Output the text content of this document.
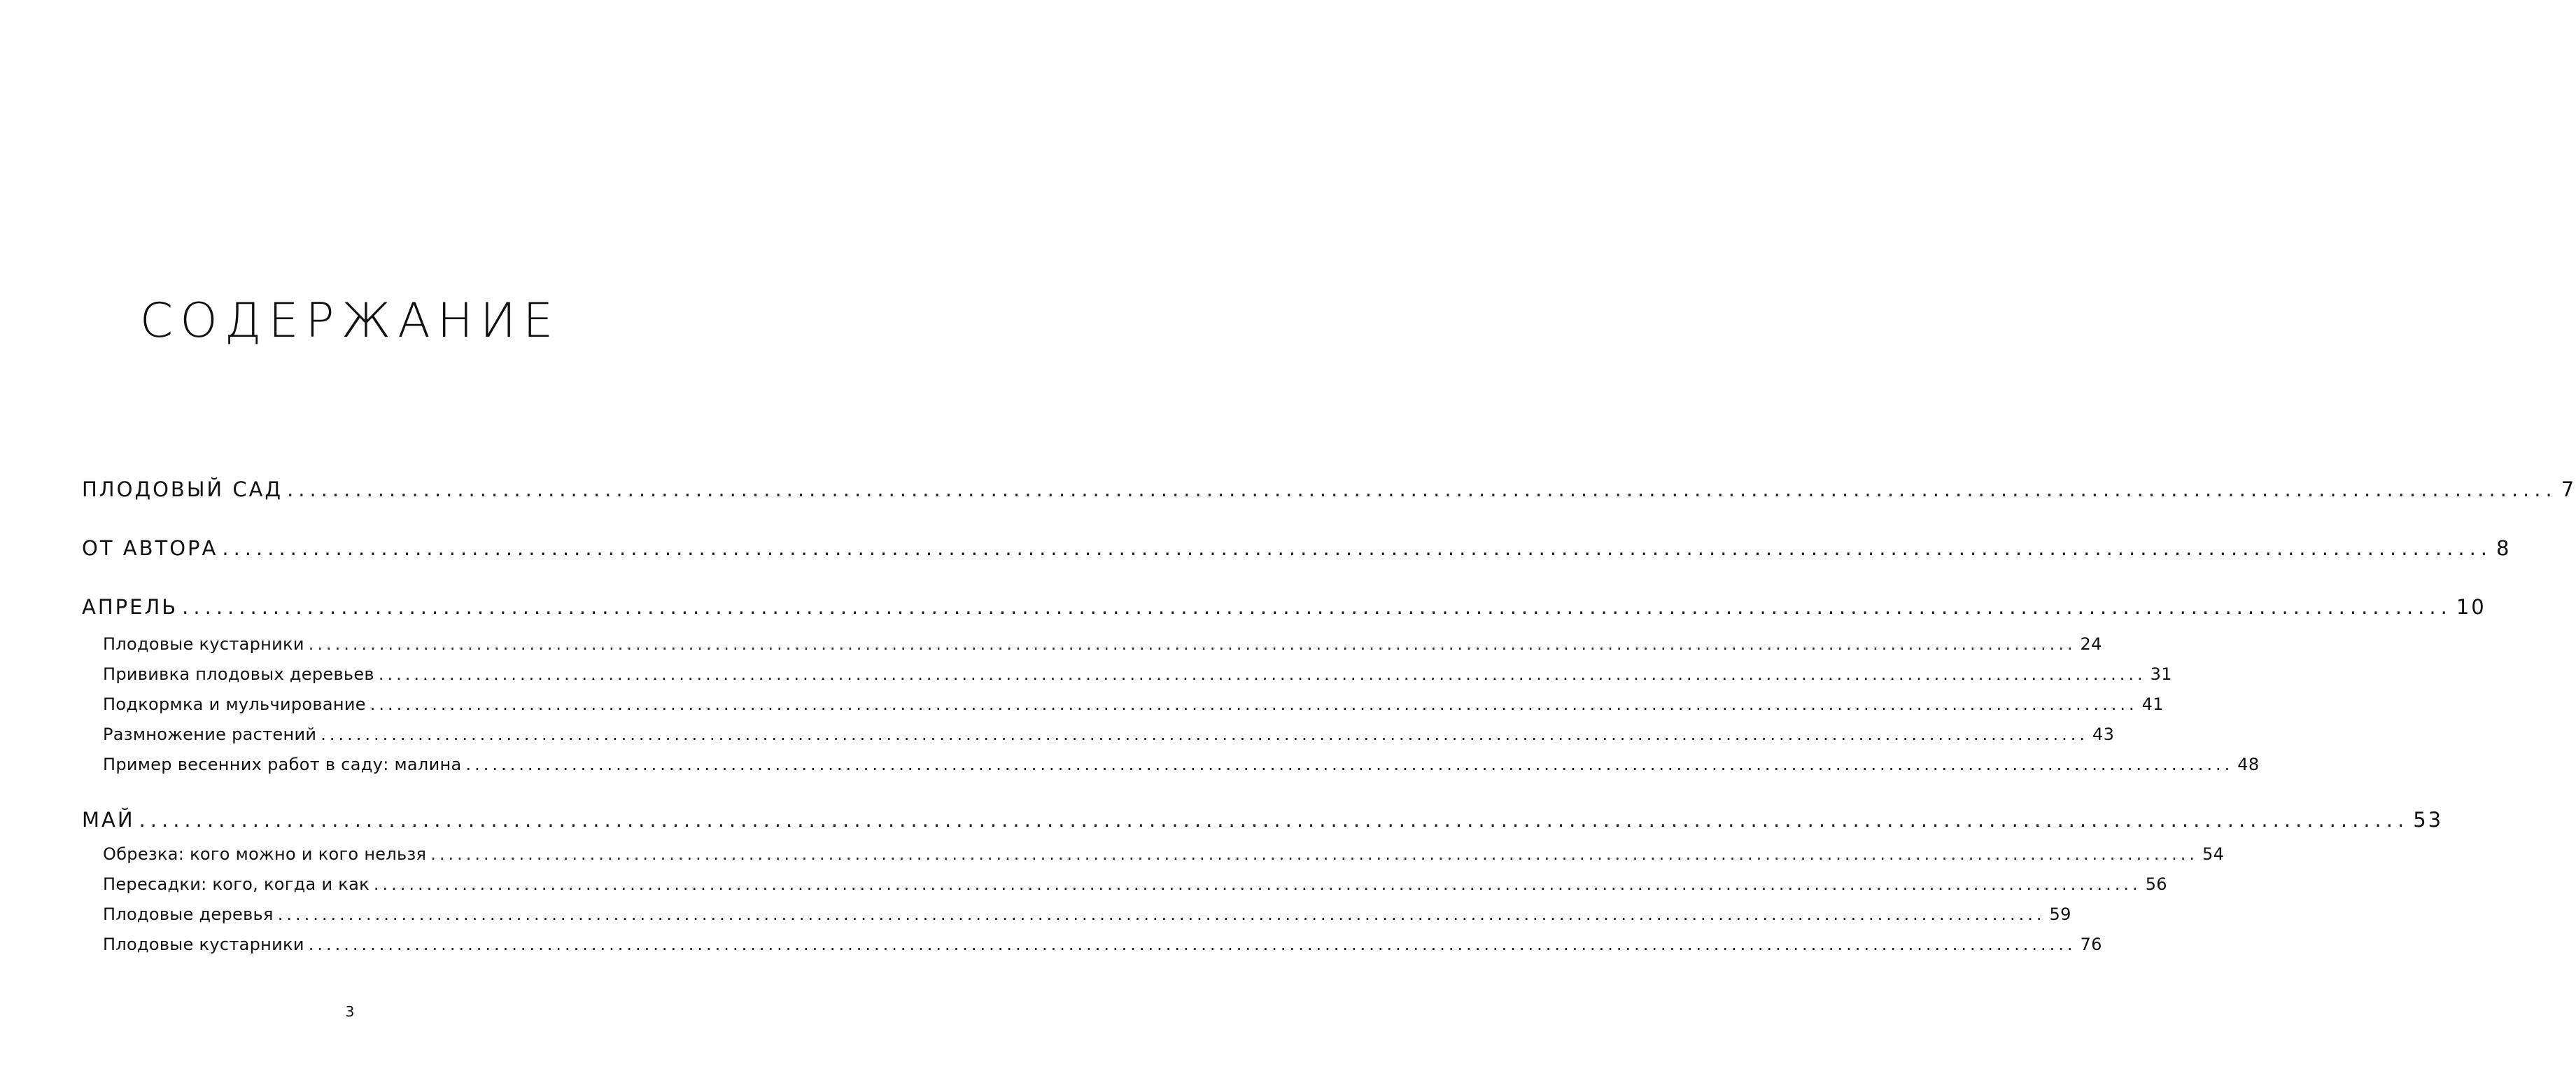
СОДЕРЖАНИЕ
ПЛОДОВЫЙ САД ........................................................................................................................................................................................................ 7
ОТ АВТОРА ........................................................................................................................................................................................................ 8
АПРЕЛЬ ........................................................................................................................................................................................................ 10
Плодовые кустарники ........................................................................................................................................................................................................ 24
Прививка плодовых деревьев ........................................................................................................................................................................................................ 31
Подкормка и мульчирование ........................................................................................................................................................................................................ 41
Размножение растений ........................................................................................................................................................................................................ 43
Пример весенних работ в саду: малина ........................................................................................................................................................................................................ 48
МАЙ ........................................................................................................................................................................................................ 53
Обрезка: кого можно и кого нельзя ........................................................................................................................................................................................................ 54
Пересадки: кого, когда и как ........................................................................................................................................................................................................ 56
Плодовые деревья ........................................................................................................................................................................................................ 59
Плодовые кустарники ........................................................................................................................................................................................................ 76
3
